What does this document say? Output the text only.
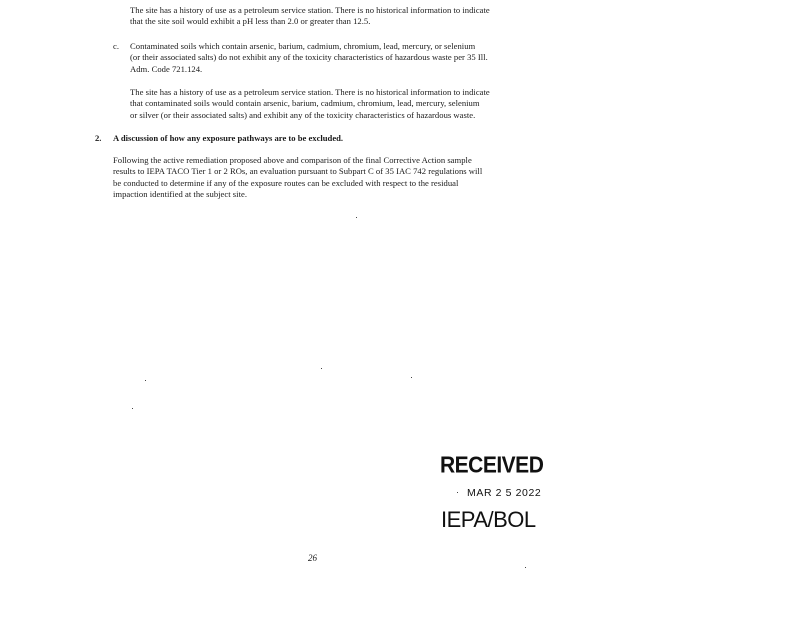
The site has a history of use as a petroleum service station. There is no historical information to indicate
that the site soil would exhibit a pH less than 2.0 or greater than 12.5.
c. Contaminated soils which contain arsenic, barium, cadmium, chromium, lead, mercury, or selenium
(or their associated salts) do not exhibit any of the toxicity characteristics of hazardous waste per 35 Ill.
Adm. Code 721.124.
The site has a history of use as a petroleum service station. There is no historical information to indicate
that contaminated soils would contain arsenic, barium, cadmium, chromium, lead, mercury, selenium
or silver (or their associated salts) and exhibit any of the toxicity characteristics of hazardous waste.
2. A discussion of how any exposure pathways are to be excluded.
Following the active remediation proposed above and comparison of the final Corrective Action sample
results to IEPA TACO Tier 1 or 2 ROs, an evaluation pursuant to Subpart C of 35 IAC 742 regulations will
be conducted to determine if any of the exposure routes can be excluded with respect to the residual
impaction identified at the subject site.
RECEIVED
MAR 2 5 2022
IEPA/BOL
26
